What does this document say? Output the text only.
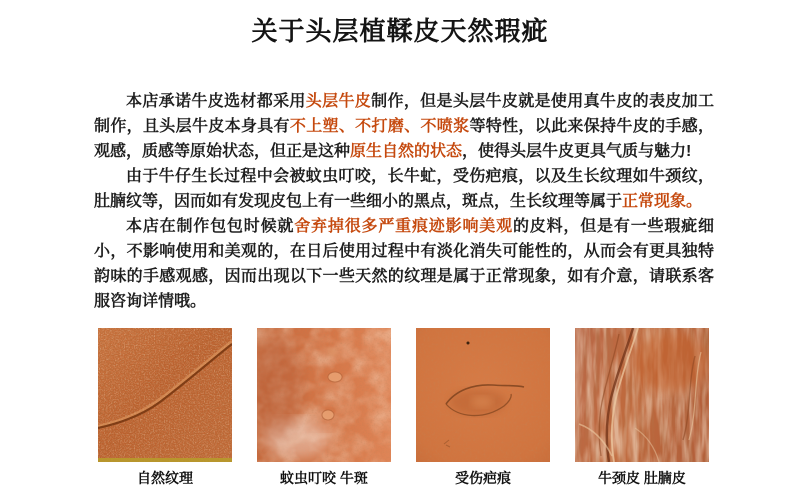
关于头层植鞣皮天然瑕疵

本店承诺牛皮选材都采用头层牛皮制作，但是头层牛皮就是使用真牛皮的表皮加工制作，且头层牛皮本身具有不上塑、不打磨、不喷浆等特性，以此来保持牛皮的手感，观感，质感等原始状态，但正是这种原生自然的状态，使得头层牛皮更具气质与魅力!

由于牛仔生长过程中会被蚊虫叮咬，长牛虻，受伤疤痕，以及生长纹理如牛颈纹，肚腩纹等，因而如有发现皮包上有一些细小的黑点，斑点，生长纹理等属于正常现象。

本店在制作包包时候就舍弃掉很多严重痕迹影响美观的皮料，但是有一些瑕疵细小，不影响使用和美观的，在日后使用过程中有淡化消失可能性的，从而会有更具独特韵味的手感观感，因而出现以下一些天然的纹理是属于正常现象，如有介意，请联系客服咨询详情哦。

自然纹理	蚊虫叮咬 牛斑	受伤疤痕	牛颈皮 肚腩皮
